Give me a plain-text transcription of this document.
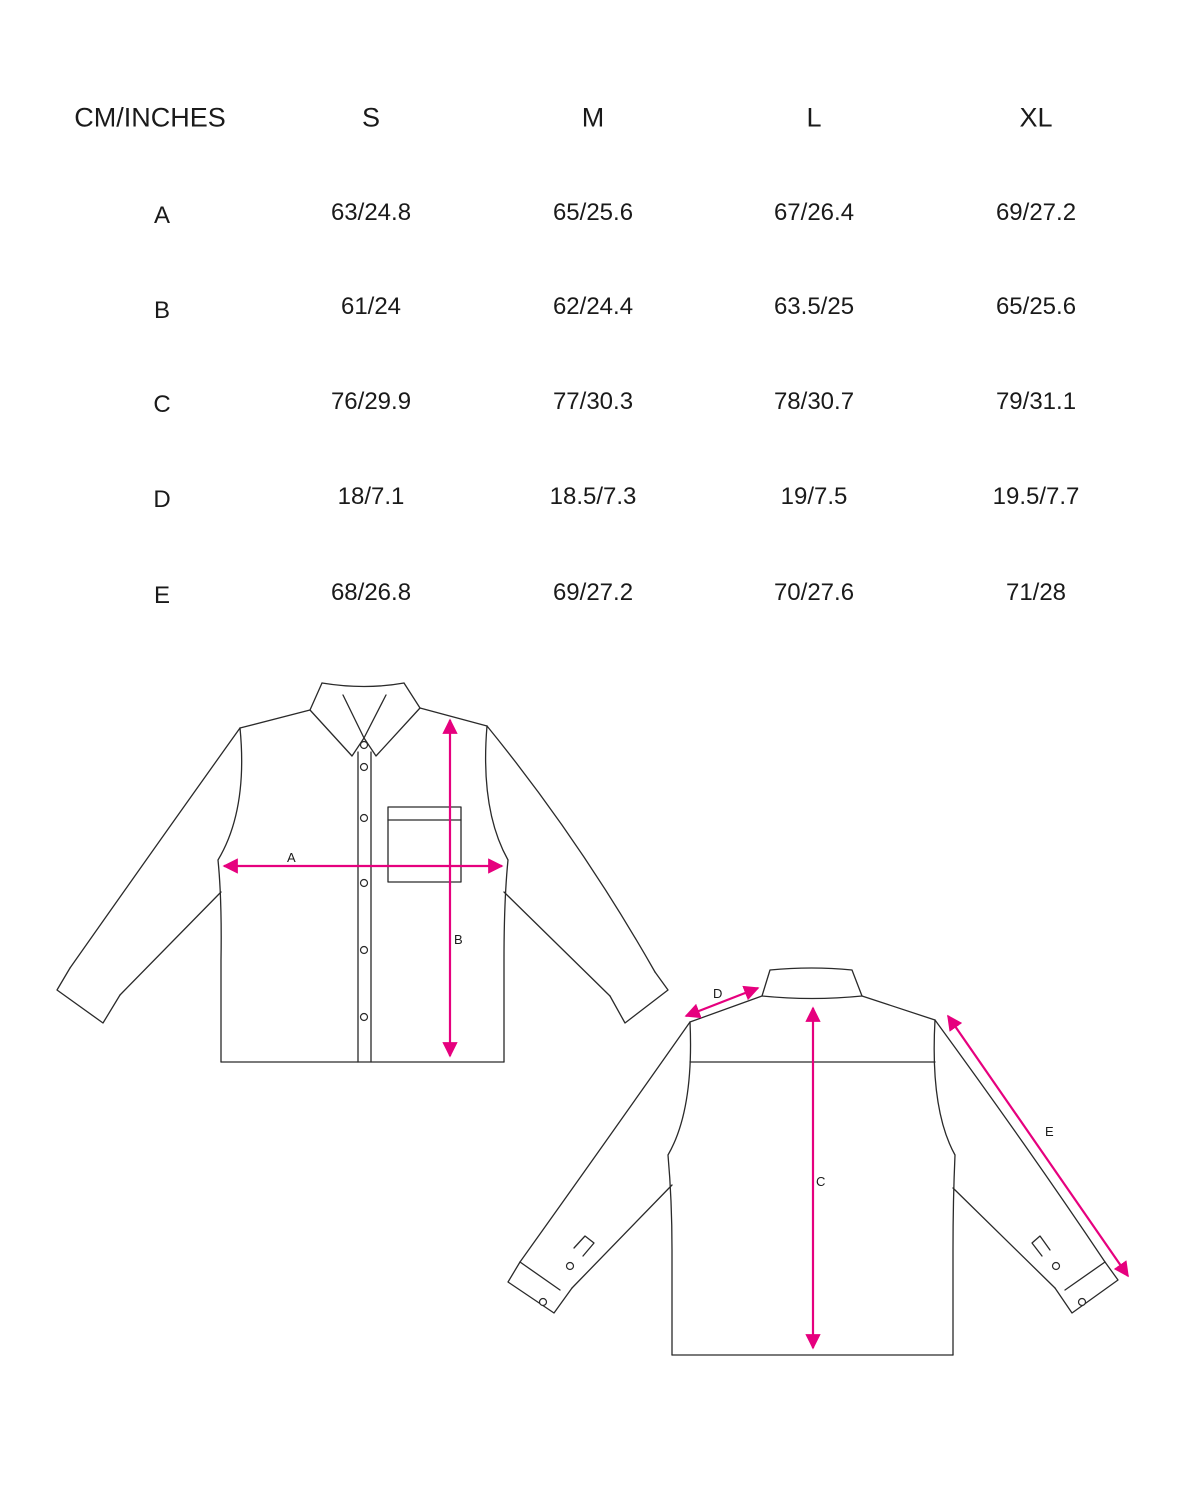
CM/INCHES	S	M	L	XL
A	63/24.8	65/25.6	67/26.4	69/27.2
B	61/24	62/24.4	63.5/25	65/25.6
C	76/29.9	77/30.3	78/30.7	79/31.1
D	18/7.1	18.5/7.3	19/7.5	19.5/7.7
E	68/26.8	69/27.2	70/27.6	71/28
A
B
D
C
E
